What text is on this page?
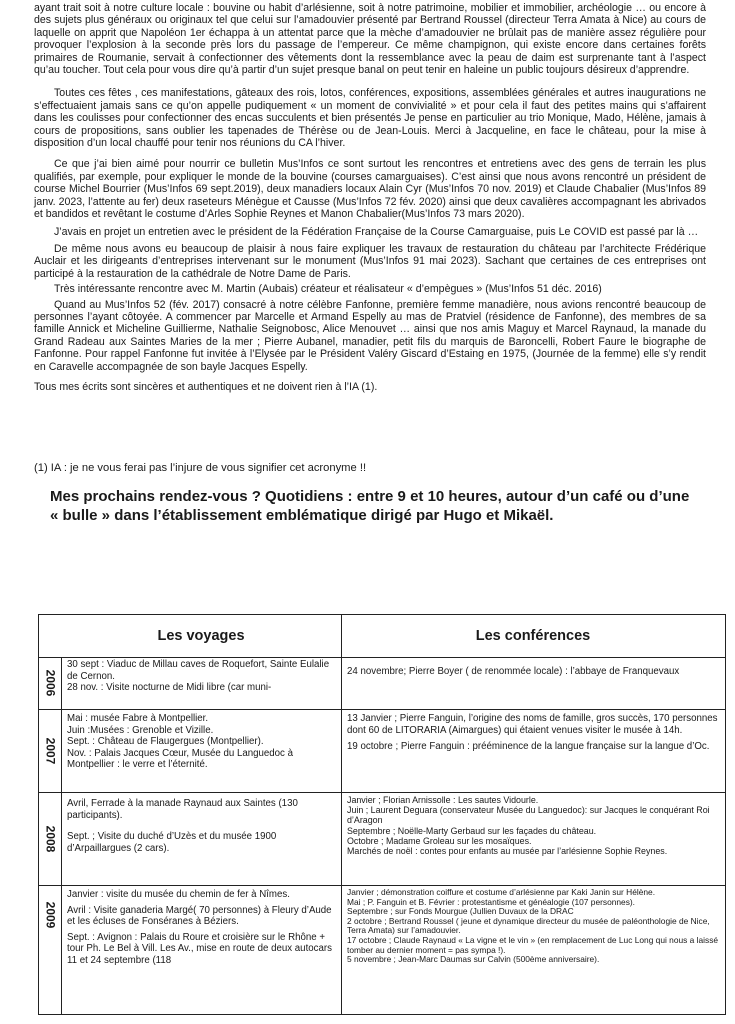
ayant trait soit à notre culture locale : bouvine ou habit d’arlésienne, soit à notre patrimoine, mobilier et immobilier, archéologie … ou encore à des sujets plus généraux ou originaux tel que celui sur l’amadouvier présenté par Bertrand Roussel (directeur Terra Amata à Nice) au cours de laquelle on apprit que Napoléon 1er échappa à un attentat parce que la mèche d’amadouvier ne brûlait pas de manière assez régulière pour provoquer l’explosion à la seconde près lors du passage de l’empereur. Ce même champignon, qui existe encore dans certaines forêts primaires de Roumanie, servait à confectionner des vêtements dont la ressemblance avec la peau de daim est surprenante tant à l’aspect qu’au toucher. Tout cela pour vous dire qu’à partir d’un sujet presque banal on peut tenir en haleine un public toujours désireux d’apprendre.

Toutes ces fêtes , ces manifestations, gâteaux des rois, lotos, conférences, expositions, assemblées générales et autres inaugurations ne s’effectuaient jamais sans ce qu’on appelle pudiquement « un moment de convivialité » et pour cela il faut des petites mains qui s’affairent dans les coulisses pour confectionner des encas succulents et bien présentés Je pense en particulier au trio Monique, Mado, Hélène, jamais à cours de propositions, sans oublier les tapenades de Thérèse ou de Jean-Louis. Merci à Jacqueline, en face le château, pour la mise à disposition d’un local chauffé pour tenir nos réunions du CA l’hiver.

Ce que j’ai bien aimé pour nourrir ce bulletin Mus’Infos ce sont surtout les rencontres et entretiens avec des gens de terrain les plus qualifiés, par exemple, pour expliquer le monde de la bouvine (courses camarguaises). C’est ainsi que nous avons rencontré un président de course Michel Bourrier (Mus’Infos 69 sept.2019), deux manadiers locaux Alain Cyr (Mus’Infos 70 nov. 2019) et Claude Chabalier (Mus’Infos 89 janv. 2023, l’attente au fer) deux raseteurs Ménègue et Causse (Mus’Infos 72 fév. 2020) ainsi que deux cavalières accompagnant les abrivados et bandidos et revêtant le costume d’Arles Sophie Reynes et Manon Chabalier(Mus’Infos 73 mars 2020).

J’avais en projet un entretien avec le président de la Fédération Française de la Course Camarguaise, puis Le COVID est passé par là …

De même nous avons eu beaucoup de plaisir à nous faire expliquer les travaux de restauration du château par l’architecte Frédérique Auclair et les dirigeants d’entreprises intervenant sur le monument (Mus’Infos 91 mai 2023). Sachant que certaines de ces entreprises ont participé à la restauration de la cathédrale de Notre Dame de Paris.

Très intéressante rencontre avec M. Martin (Aubais) créateur et réalisateur « d’empègues » (Mus’Infos 51 déc. 2016)

Quand au Mus’Infos 52 (fév. 2017) consacré à notre célèbre Fanfonne, première femme manadière, nous avions rencontré beaucoup de personnes l’ayant côtoyée. A commencer par Marcelle et Armand Espelly au mas de Pratviel (résidence de Fanfonne), des membres de sa famille Annick et Micheline Guillierme, Nathalie Seignobosc, Alice Menouvet … ainsi que nos amis Maguy et Marcel Raynaud, la manade du Grand Radeau aux Saintes Maries de la mer ; Pierre Aubanel, manadier, petit fils du marquis de Baroncelli, Robert Faure le biographe de Fanfonne. Pour rappel Fanfonne fut invitée à l’Elysée par le Président Valéry Giscard d’Estaing en 1975, (Journée de la femme) elle s’y rendit en Caravelle accompagnée de son bayle Jacques Espelly.

Tous mes écrits sont sincères et authentiques et ne doivent rien à l’IA (1).

(1) IA : je ne vous ferai pas l’injure de vous signifier cet acronyme !!
Mes prochains rendez-vous ? Quotidiens : entre 9 et 10 heures, autour d’un café ou d’une « bulle » dans l’établissement emblématique dirigé par Hugo et Mikaël.
Les voyages	Les conférences
2006

30 sept : Viaduc de Millau caves de Roquefort, Sainte Eulalie de Cernon.

28 nov. : Visite nocturne de Midi libre (car muni-

24 novembre; Pierre Boyer ( de renommée locale) : l’abbaye de Franquevaux

2007

Mai : musée Fabre à Montpellier.

Juin :Musées : Grenoble et Vizille.

Sept. : Château de Flaugergues (Montpellier).

Nov. : Palais Jacques Cœur, Musée du Languedoc à Montpellier : le verre et l’éternité.

13 Janvier ; Pierre Fanguin, l’origine des noms de famille, gros succès, 170 personnes dont 60 de LITORARIA (Aimargues) qui étaient venues visiter le musée à 14h.

19 octobre ; Pierre Fanguin : prééminence de la langue française sur la langue d’Oc.

2008

Avril, Ferrade à la manade Raynaud aux Saintes (130 participants).

Sept. ; Visite du duché d’Uzès et du musée 1900 d’Arpaillargues (2 cars).

Janvier ; Florian Arnissolle : Les sautes Vidourle.

Juin ; Laurent Deguara (conservateur Musée du Languedoc): sur Jacques le conquérant Roi d’Aragon

Septembre ; Noëlle-Marty Gerbaud sur les façades du château.

Octobre ; Madame Groleau sur les mosaïques.

Marchés de noël : contes pour enfants au musée par l’arlésienne Sophie Reynes.

2009

Janvier : visite du musée du chemin de fer à Nîmes.

Avril : Visite ganaderia Margé( 70 personnes) à Fleury d’Aude et les écluses de Fonséranes à Béziers.

Sept. : Avignon : Palais du Roure et croisière sur le Rhône + tour Ph. Le Bel à Vill. Les Av., mise en route de deux autocars 11 et 24 septembre (118

Janvier ; démonstration coiffure et costume d’arlésienne par Kaki Janin sur Hélène.

Mai ; P. Fanguin et B. Février : protestantisme et généalogie (107 personnes).

Septembre ; sur Fonds Mourgue (Jullien Duvaux de la DRAC

2 octobre ; Bertrand Roussel ( jeune et dynamique directeur du musée de paléonthologie de Nice, Terra Amata) sur l’amadouvier.

17 octobre ; Claude Raynaud « La vigne et le vin » (en remplacement de Luc Long qui nous a laissé tomber au dernier moment = pas sympa !).

5 novembre ; Jean-Marc Daumas sur Calvin (500ème anniversaire).
